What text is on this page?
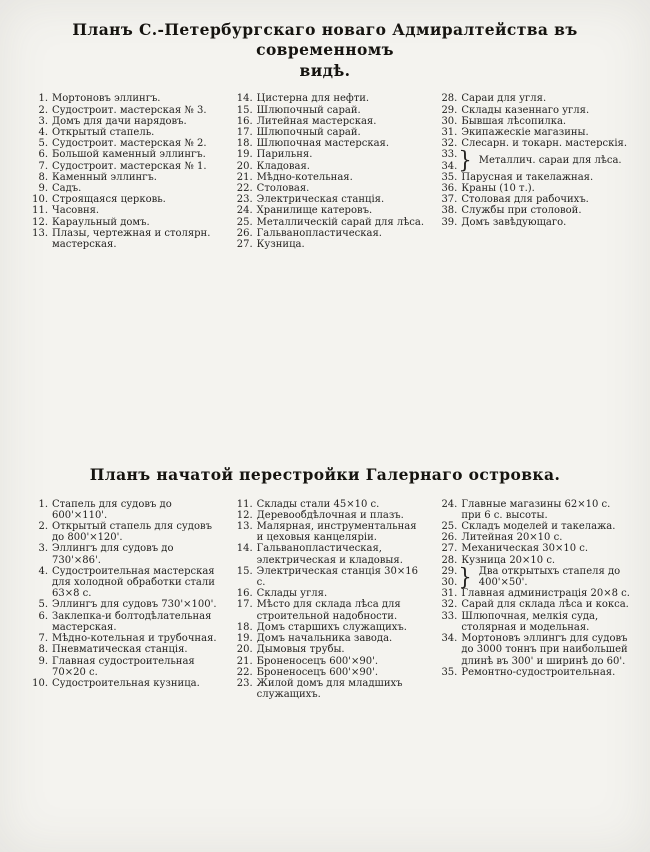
Планъ С.-Петербургскаго новаго Адмиралтейства въ современномъ
видѣ.
1. Мортоновъ эллингъ.
2. Судостроит. мастерская № 3.
3. Домъ для дачи нарядовъ.
4. Открытый стапель.
5. Судостроит. мастерская № 2.
6. Большой каменный эллингъ.
7. Судостроит. мастерская № 1.
8. Каменный эллингъ.
9. Садъ.
10. Строящаяся церковь.
11. Часовня.
12. Караульный домъ.
13. Плазы, чертежная и столярн. мастерская.
14. Цистерна для нефти.
15. Шлюпочный сарай.
16. Литейная мастерская.
17. Шлюпочный сарай.
18. Шлюпочная мастерская.
19. Парильня.
20. Кладовая.
21. Мѣдно-котельная.
22. Столовая.
23. Электрическая станція.
24. Хранилище катеровъ.
25. Металлическій сарай для лѣса.
26. Гальванопластическая.
27. Кузница.
28. Сараи для угля.
29. Склады казеннаго угля.
30. Бывшая лѣсопилка.
31. Экипажескіе магазины.
32. Слесарн. и токарн. мастерскія.
33.
34. } Металлич. сараи для лѣса.
35. Парусная и такелажная.
36. Краны (10 т.).
37. Столовая для рабочихъ.
38. Службы при столовой.
39. Домъ завѣдующаго.
Планъ начатой перестройки Галернаго островка.
1. Стапель для судовъ до 600'×110'.
2. Открытый стапель для судовъ до 800'×120'.
3. Эллингъ для судовъ до 730'×86'.
4. Судостроительная мастерская для холодной обработки стали 63×8 с.
5. Эллингъ для судовъ 730'×100'.
6. Заклепка-и болтодѣлательная мастерская.
7. Мѣдно-котельная и трубочная.
8. Пневматическая станція.
9. Главная судостроительная 70×20 с.
10. Судостроительная кузница.
11. Склады стали 45×10 с.
12. Деревообдѣлочная и плазъ.
13. Малярная, инструментальная и цеховыя канцеляріи.
14. Гальванопластическая, электрическая и кладовыя.
15. Электрическая станція 30×16 с.
16. Склады угля.
17. Мѣсто для склада лѣса для строительной надобности.
18. Домъ старшихъ служащихъ.
19. Домъ начальника завода.
20. Дымовыя трубы.
21. Броненосецъ 600'×90'.
22. Броненосецъ 600'×90'.
23. Жилой домъ для младшихъ служащихъ.
24. Главные магазины 62×10 с. при 6 с. высоты.
25. Складъ моделей и такелажа.
26. Литейная 20×10 с.
27. Механическая 30×10 с.
28. Кузница 20×10 с.
29.
30. } Два открытыхъ стапеля до
400'×50'.
31. Главная администрація 20×8 с.
32. Сарай для склада лѣса и кокса.
33. Шлюпочная, мелкія суда, столярная и модельная.
34. Мортоновъ эллингъ для судовъ до 3000 тоннъ при наибольшей длинѣ въ 300' и ширинѣ до 60'.
35. Ремонтно-судостроительная.
